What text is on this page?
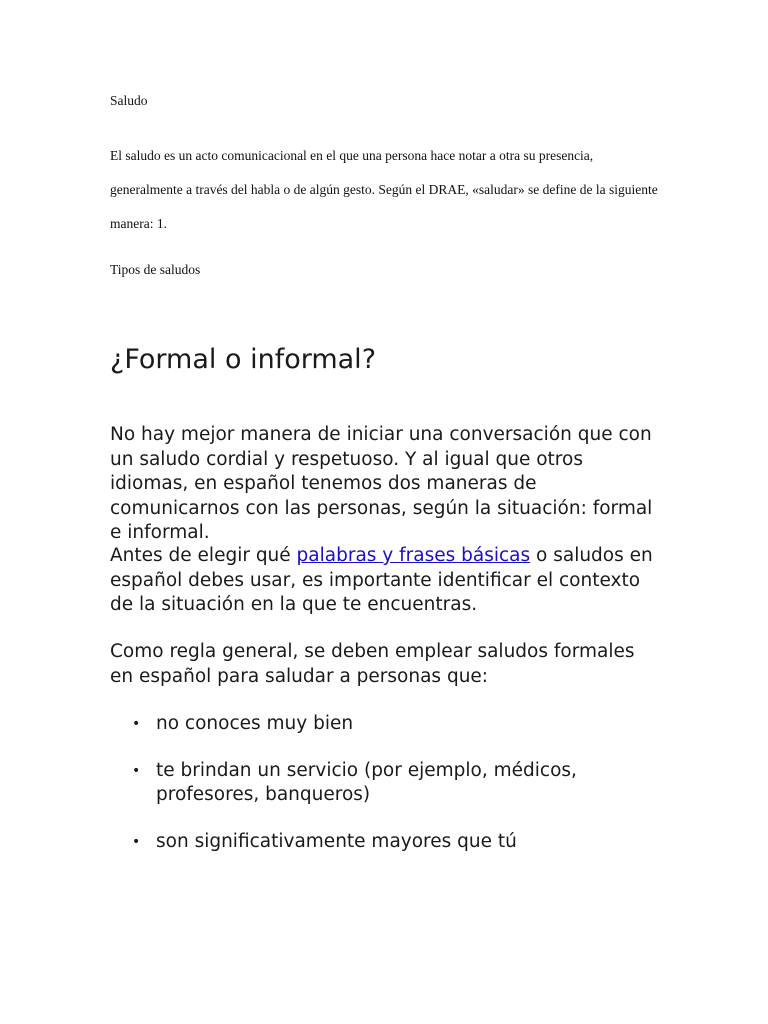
Saludo

El saludo es un acto comunicacional en el que una persona hace notar a otra su presencia, generalmente a través del habla o de algún gesto. Según el DRAE, «saludar» se define de la siguiente manera: 1.

Tipos de saludos

¿Formal o informal?

No hay mejor manera de iniciar una conversación que con un saludo cordial y respetuoso. Y al igual que otros idiomas, en español tenemos dos maneras de comunicarnos con las personas, según la situación: formal e informal.

Antes de elegir qué palabras y frases básicas o saludos en español debes usar, es importante identificar el contexto de la situación en la que te encuentras.

Como regla general, se deben emplear saludos formales en español para saludar a personas que:

• no conoces muy bien
• te brindan un servicio (por ejemplo, médicos, profesores, banqueros)
• son significativamente mayores que tú
